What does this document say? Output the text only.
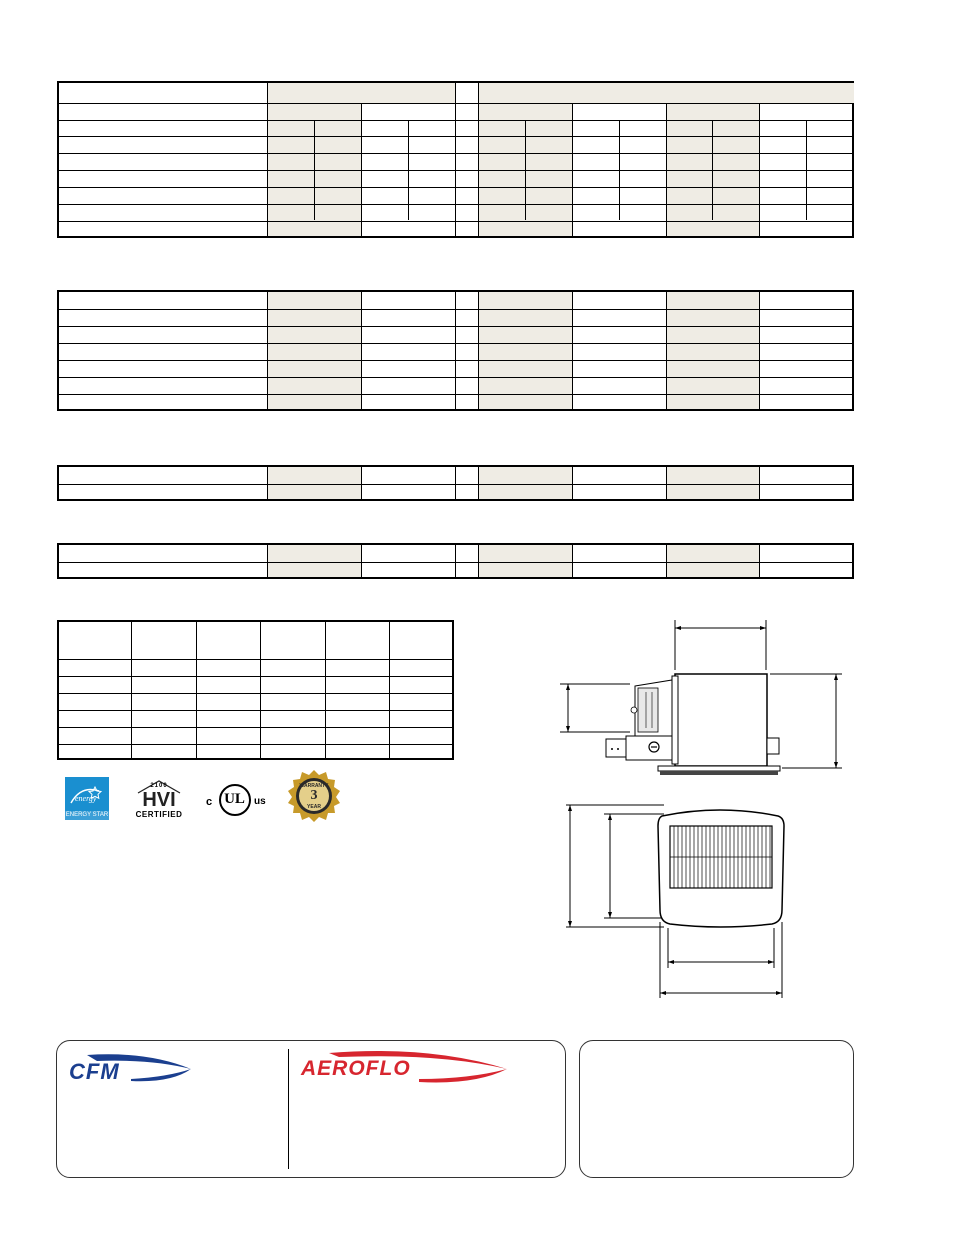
energy
ENERGY STAR
2100
HVI
CERTIFIED
c UL us
WARRANTY
3
YEAR
CFM	AEROFLO
